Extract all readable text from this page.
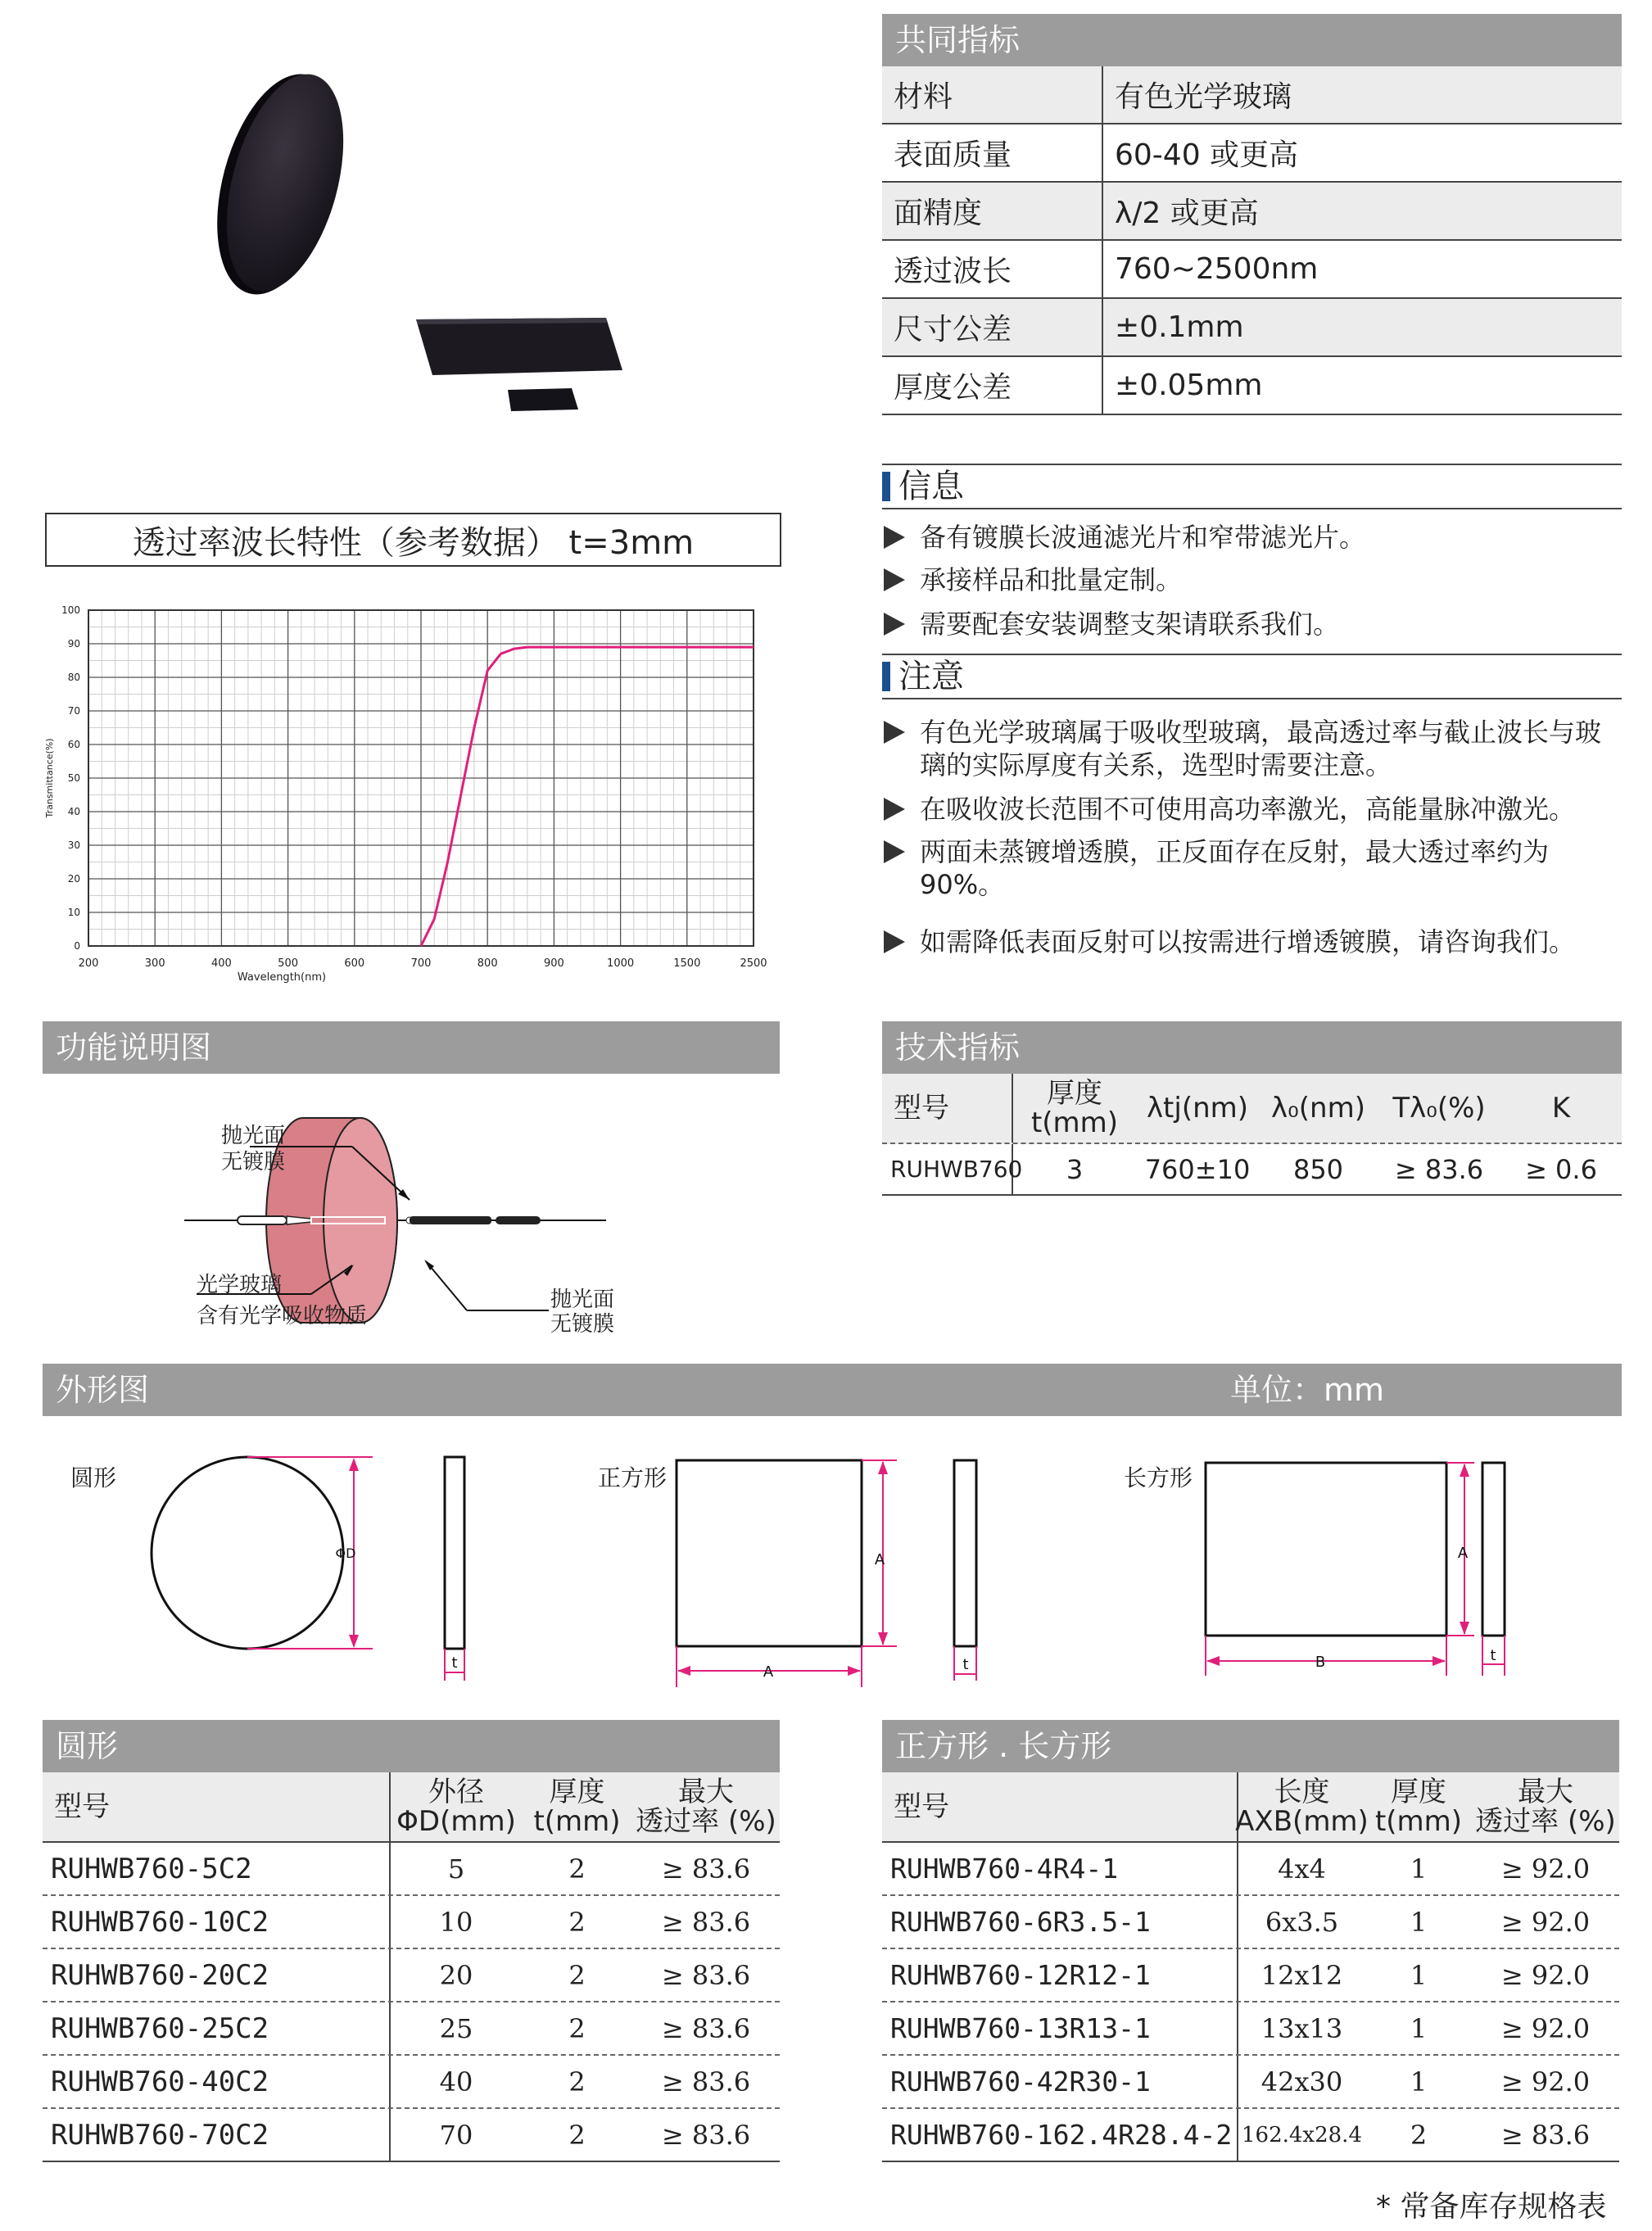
共同指标
材料	有色光学玻璃
表面质量	60-40 或更高
面精度	λ/2 或更高
透过波长	760~2500nm
尺寸公差	±0.1mm
厚度公差	±0.05mm
信息
备有镀膜长波通滤光片和窄带滤光片。
承接样品和批量定制。
需要配套安装调整支架请联系我们。
注意
有色光学玻璃属于吸收型玻璃，最高透过率与截止波长与玻璃的实际厚度有关系，选型时需要注意。
在吸收波长范围不可使用高功率激光，高能量脉冲激光。
两面未蒸镀增透膜，正反面存在反射，最大透过率约为90%。
如需降低表面反射可以按需进行增透镀膜，请咨询我们。
透过率波长特性（参考数据） t=3mm
200	300	400	500	600	700	800	900	1000	1500	2500
0
10
20
30
40
50
60
70
80
90
100
Wavelength(nm)
Transmittance(%)
功能说明图
抛光面
无镀膜
光学玻璃
含有光学吸收物质
抛光面
无镀膜
技术指标
型号	厚度
t(mm)	λtj(nm) λ₀(nm) Tλ₀(%)	K
RUHWB760	3	760±10	850	≥ 83.6	≥ 0.6
外形图	单位：mm
圆形	正方形	长方形
ΦD
t
A
A	t
A
B	t
圆形
型号	外径
ΦD(mm)
厚度
t(mm)
最大
透过率 (%)
RUHWB760-5C2	5	2	≥ 83.6
RUHWB760-10C2	10	2	≥ 83.6
RUHWB760-20C2	20	2	≥ 83.6
RUHWB760-25C2	25	2	≥ 83.6
RUHWB760-40C2	40	2	≥ 83.6
RUHWB760-70C2	70	2	≥ 83.6
正方形 . 长方形
型号	长度
AXB(mm)
厚度
t(mm)
最大
透过率 (%)
RUHWB760-4R4-1	4x4	1	≥ 92.0
RUHWB760-6R3.5-1	6x3.5	1	≥ 92.0
RUHWB760-12R12-1	12x12	1	≥ 92.0
RUHWB760-13R13-1	13x13	1	≥ 92.0
RUHWB760-42R30-1	42x30	1	≥ 92.0
RUHWB760-162.4R28.4-2 162.4x28.4	2	≥ 83.6
* 常备库存规格表
